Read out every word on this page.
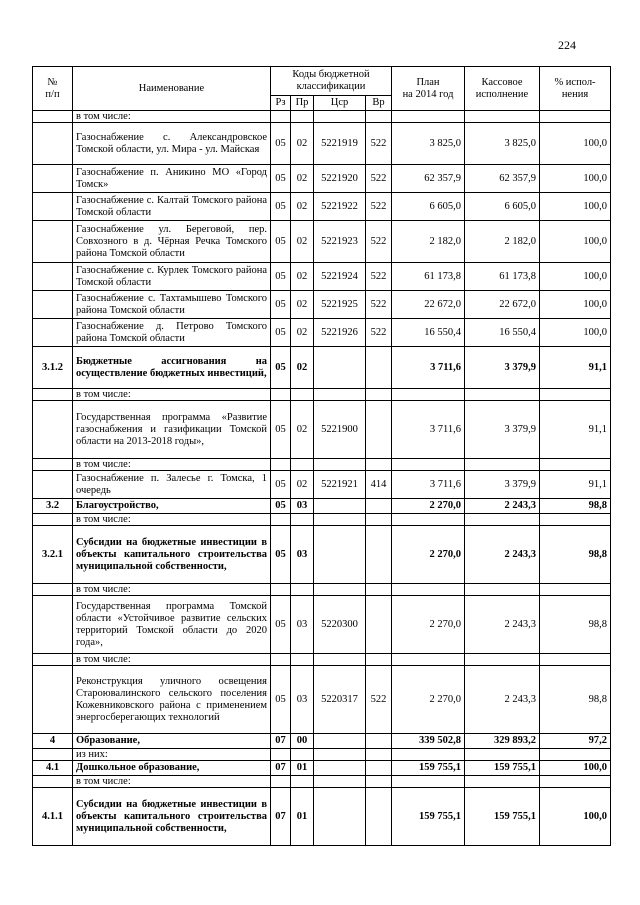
224
№
п/п	Наименование	Коды бюджетной
классификации				План
на 2014 год	Кассовое
исполнение	% испол-
нения
		Рз	Пр	Цср	Вр			
	в том числе:							
	Газоснабжение с. Александровское Томской области, ул. Мира - ул. Майская	05	02	5221919	522	3 825,0	3 825,0	100,0
	Газоснабжение п. Аникино МО «Город Томск»	05	02	5221920	522	62 357,9	62 357,9	100,0
	Газоснабжение с. Калтай Томского района Томской области	05	02	5221922	522	6 605,0	6 605,0	100,0
	Газоснабжение ул. Береговой, пер. Совхозного в д. Чёрная Речка Томского района Томской области	05	02	5221923	522	2 182,0	2 182,0	100,0
	Газоснабжение с. Курлек Томского района Томской области	05	02	5221924	522	61 173,8	61 173,8	100,0
	Газоснабжение с. Тахтамышево Томского района Томской области	05	02	5221925	522	22 672,0	22 672,0	100,0
	Газоснабжение д. Петрово Томского района Томской области	05	02	5221926	522	16 550,4	16 550,4	100,0
3.1.2	Бюджетные ассигнования на осуществление бюджетных инвестиций,	05	02			3 711,6	3 379,9	91,1
	в том числе:							
	Государственная программа «Развитие газоснабжения и газификации Томской области на 2013-2018 годы»,	05	02	5221900		3 711,6	3 379,9	91,1
	в том числе:							
	Газоснабжение п. Залесье г. Томска, 1 очередь	05	02	5221921	414	3 711,6	3 379,9	91,1
3.2	Благоустройство,	05	03			2 270,0	2 243,3	98,8
	в том числе:							
3.2.1	Субсидии на бюджетные инвестиции в объекты капитального строительства муниципальной собственности,	05	03			2 270,0	2 243,3	98,8
	в том числе:							
	Государственная программа Томской области «Устойчивое развитие сельских территорий Томской области до 2020 года»,	05	03	5220300		2 270,0	2 243,3	98,8
	в том числе:							
	Реконструкция уличного освещения Староювалинского сельского поселения Кожевниковского района с применением энергосберегающих технологий	05	03	5220317	522	2 270,0	2 243,3	98,8
4	Образование,	07	00			339 502,8	329 893,2	97,2
	из них:							
4.1	Дошкольное образование,	07	01			159 755,1	159 755,1	100,0
	в том числе:							
4.1.1	Субсидии на бюджетные инвестиции в объекты капитального строительства муниципальной собственности,	07	01			159 755,1	159 755,1	100,0
